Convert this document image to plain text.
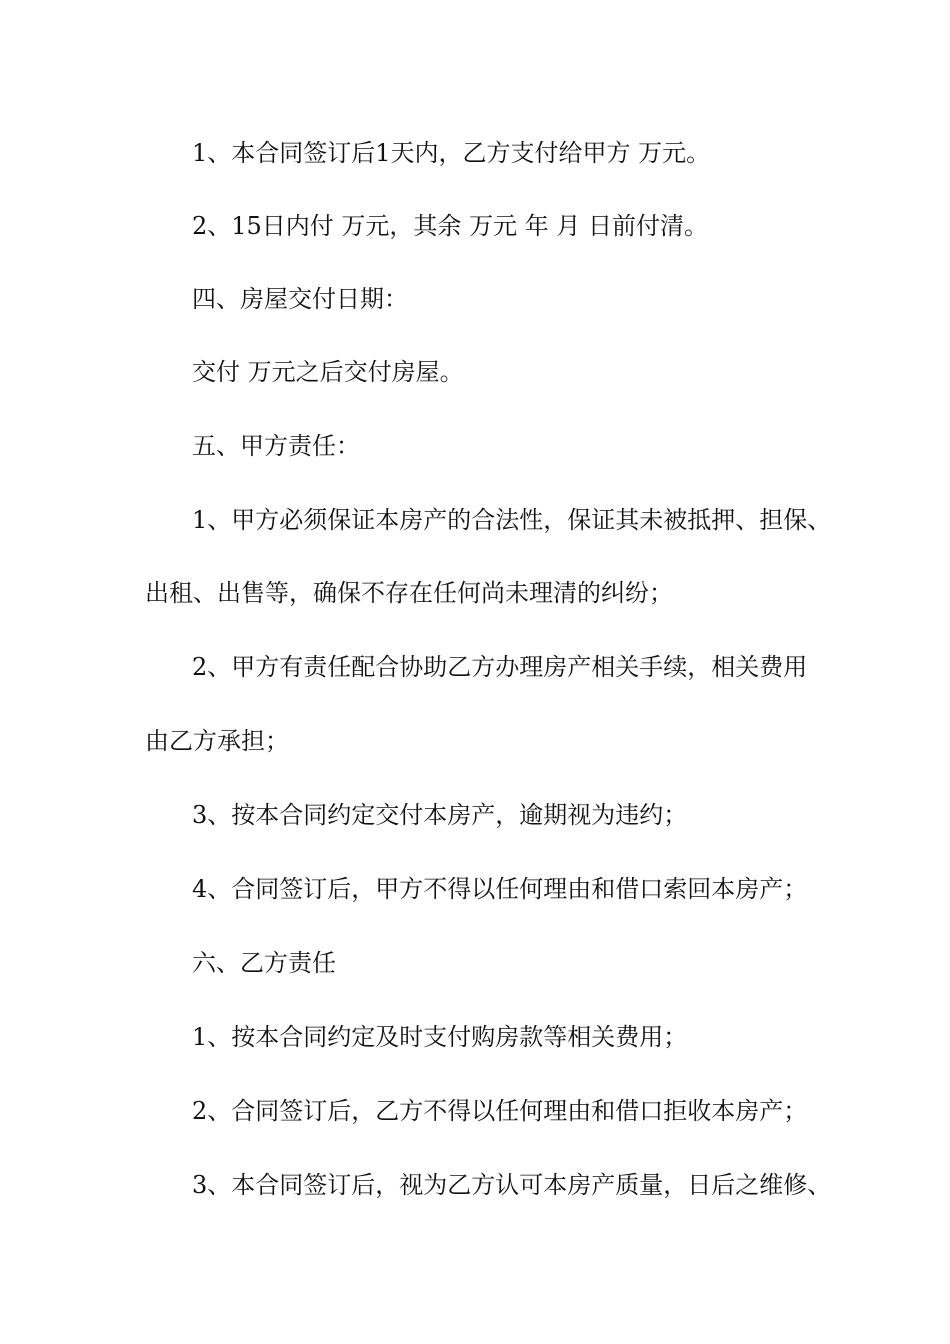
1、本合同签订后1天内，乙方支付给甲方 万元。
2、15日内付 万元，其余 万元 年 月 日前付清。
四、房屋交付日期：
交付 万元之后交付房屋。
五、甲方责任：
1、甲方必须保证本房产的合法性，保证其未被抵押、担保、
出租、出售等，确保不存在任何尚未理清的纠纷；
2、甲方有责任配合协助乙方办理房产相关手续，相关费用
由乙方承担；
3、按本合同约定交付本房产，逾期视为违约；
4、合同签订后，甲方不得以任何理由和借口索回本房产；
六、乙方责任
1、按本合同约定及时支付购房款等相关费用；
2、合同签订后，乙方不得以任何理由和借口拒收本房产；
3、本合同签订后，视为乙方认可本房产质量，日后之维修、
